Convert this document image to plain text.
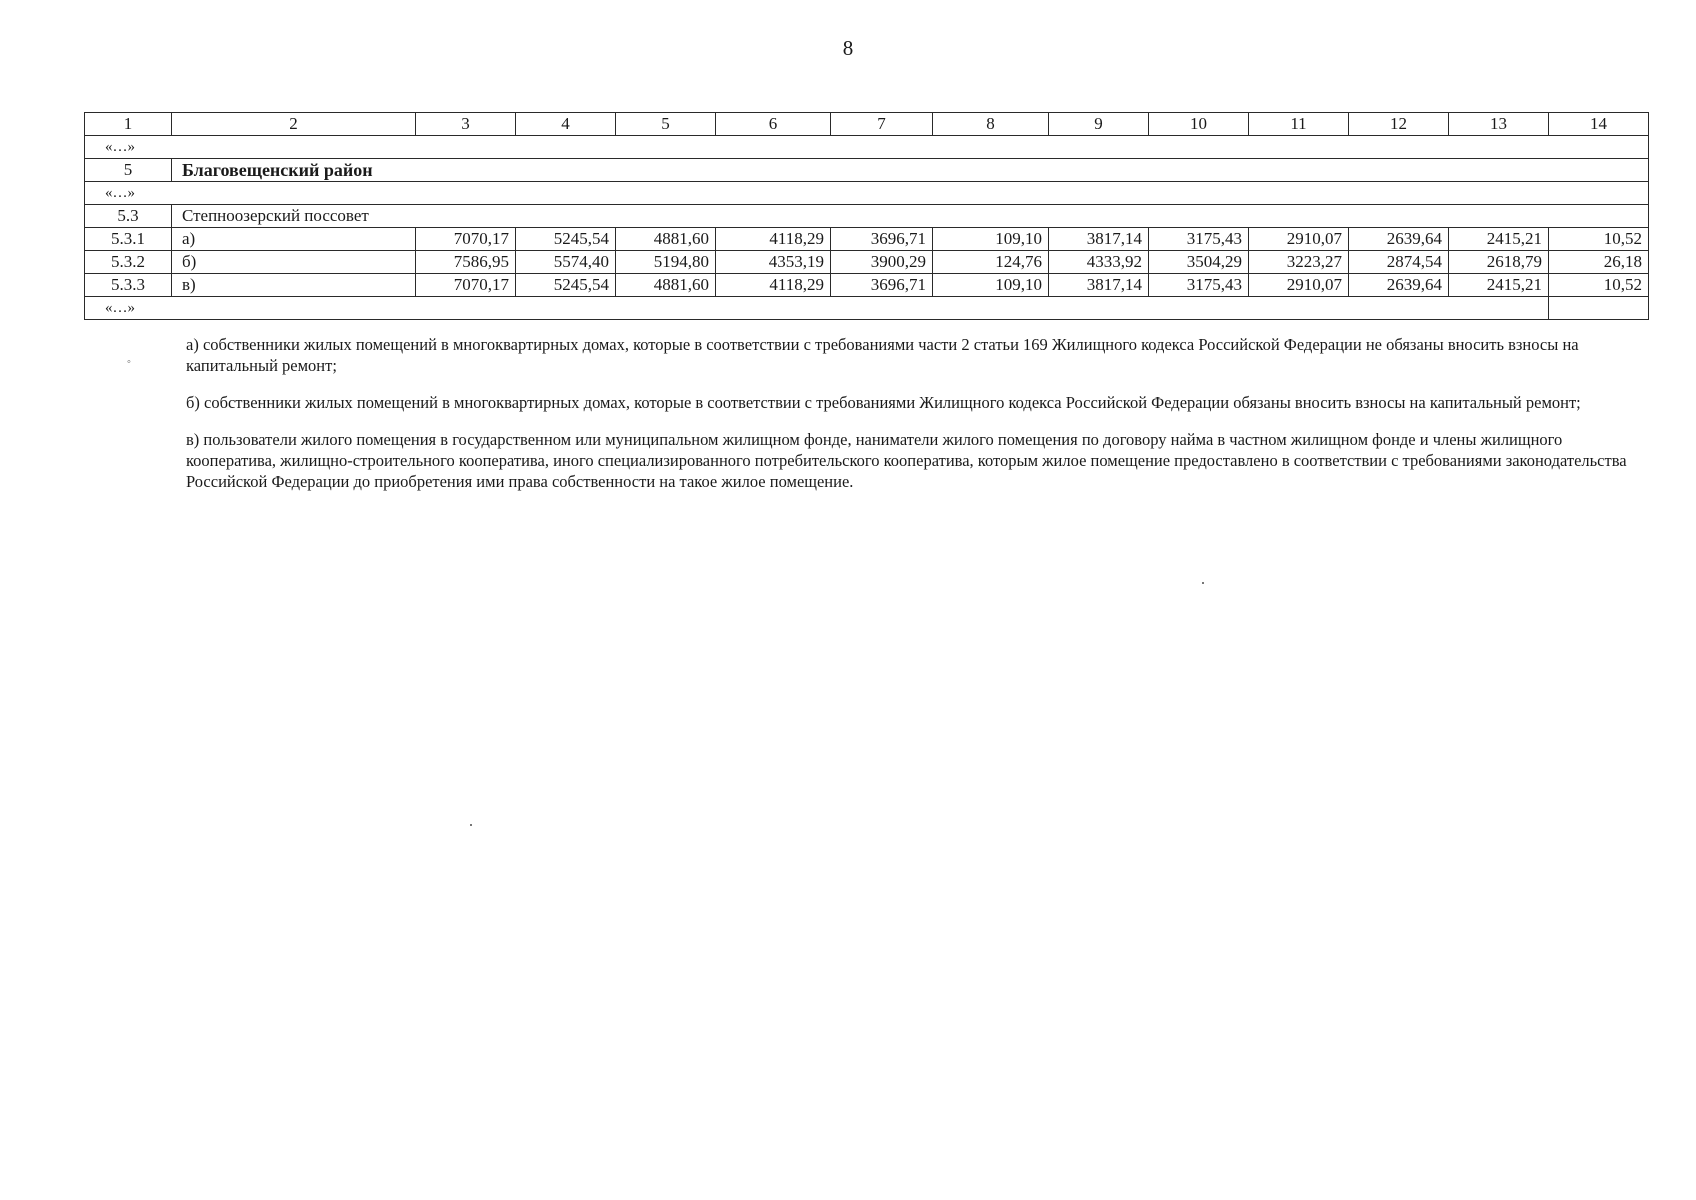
8
1	2	3	4	5	6	7	8	9	10	11	12	13	14
«…»													
5	Благовещенский район												
«…»													
5.3	Степноозерский поссовет												
5.3.1	а)	7070,17	5245,54	4881,60	4118,29	3696,71	109,10	3817,14	3175,43	2910,07	2639,64	2415,21	10,52
5.3.2	б)	7586,95	5574,40	5194,80	4353,19	3900,29	124,76	4333,92	3504,29	3223,27	2874,54	2618,79	26,18
5.3.3	в)	7070,17	5245,54	4881,60	4118,29	3696,71	109,10	3817,14	3175,43	2910,07	2639,64	2415,21	10,52
«…»													
◦

а) собственники жилых помещений в многоквартирных домах, которые в соответствии с требованиями части 2 статьи 169 Жилищного кодекса Российской Федерации не обязаны вносить взносы на капитальный ремонт;

б) собственники жилых помещений в многоквартирных домах, которые в соответствии с требованиями Жилищного кодекса Российской Федерации обязаны вносить взносы на капитальный ремонт;

в) пользователи жилого помещения в государственном или муниципальном жилищном фонде, наниматели жилого помещения по договору найма в частном жилищном фонде и члены жилищного кооператива, жилищно-строительного кооператива, иного специализированного потребительского кооператива, которым жилое помещение предоставлено в соответствии с требованиями законодательства Российской Федерации до приобретения ими права собственности на такое жилое помещение.
